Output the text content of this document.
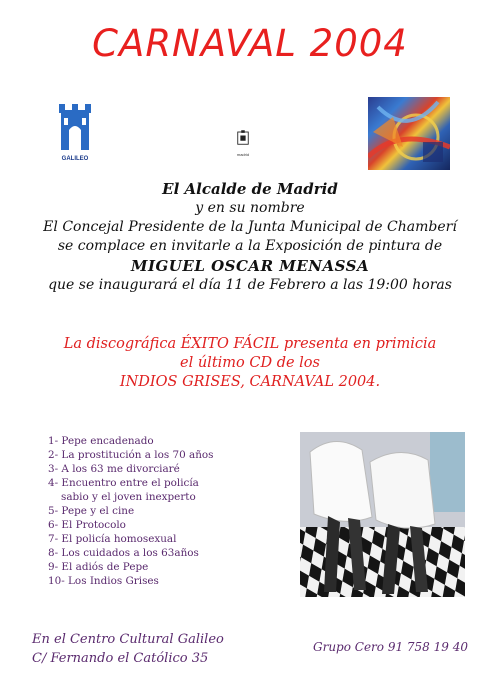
CARNAVAL 2004
GALILEO
madrid
El Alcalde de Madrid
y en su nombre
El Concejal Presidente de la Junta Municipal de Chamberí
se complace en invitarle a la Exposición de pintura de
MIGUEL OSCAR MENASSA
que se inaugurará el día 11 de Febrero a las 19:00 horas
La discográfica ÉXITO FÁCIL presenta en primicia
el último CD de los
INDIOS GRISES, CARNAVAL 2004.
1- Pepe encadenado
2- La prostitución a los 70 años
3- A los 63 me divorciaré
4- Encuentro entre el policía
sabio y el joven inexperto
5- Pepe y el cine
6- El Protocolo
7- El policía homosexual
8- Los cuidados a los 63años
9- El adiós de Pepe
10- Los Indios Grises
En el Centro Cultural Galileo
C/ Fernando el Católico 35
Grupo Cero 91 758 19 40
